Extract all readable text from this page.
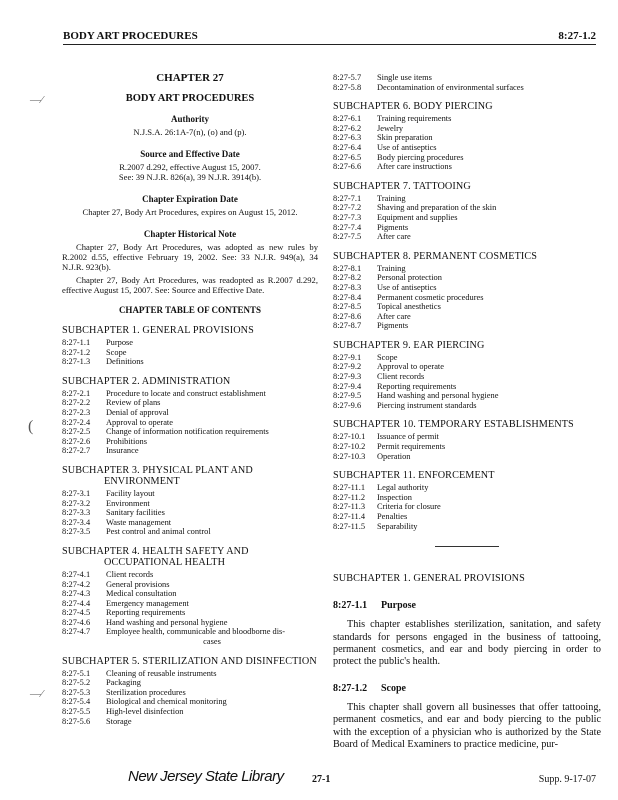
BODY ART PROCEDURES	8:27-1.2

CHAPTER 27

BODY ART PROCEDURES

Authority
N.J.S.A. 26:1A-7(n), (o) and (p).
Source and Effective Date
R.2007 d.292, effective August 15, 2007.
See: 39 N.J.R. 826(a), 39 N.J.R. 3914(b).
Chapter Expiration Date
Chapter 27, Body Art Procedures, expires on August 15, 2012.
Chapter Historical Note

Chapter 27, Body Art Procedures, was adopted as new rules by R.2002 d.55, effective February 19, 2002. See: 33 N.J.R. 949(a), 34 N.J.R. 923(b).

Chapter 27, Body Art Procedures, was readopted as R.2007 d.292, effective August 15, 2007. See: Source and Effective Date.

CHAPTER TABLE OF CONTENTS
SUBCHAPTER 1. GENERAL PROVISIONS
8:27-1.1	Purpose
8:27-1.2	Scope
8:27-1.3	Definitions
SUBCHAPTER 2. ADMINISTRATION
8:27-2.1	Procedure to locate and construct establishment
8:27-2.2	Review of plans
8:27-2.3	Denial of approval
8:27-2.4	Approval to operate
8:27-2.5	Change of information notification requirements
8:27-2.6	Prohibitions
8:27-2.7	Insurance
SUBCHAPTER 3. PHYSICAL PLANT AND
ENVIRONMENT
8:27-3.1	Facility layout
8:27-3.2	Environment
8:27-3.3	Sanitary facilities
8:27-3.4	Waste management
8:27-3.5	Pest control and animal control
SUBCHAPTER 4. HEALTH SAFETY AND
OCCUPATIONAL HEALTH
8:27-4.1	Client records
8:27-4.2	General provisions
8:27-4.3	Medical consultation
8:27-4.4	Emergency management
8:27-4.5	Reporting requirements
8:27-4.6	Hand washing and personal hygiene
8:27-4.7	Employee health, communicable and bloodborne dis-
cases
SUBCHAPTER 5. STERILIZATION AND DISINFECTION
8:27-5.1	Cleaning of reusable instruments
8:27-5.2	Packaging
8:27-5.3	Sterilization procedures
8:27-5.4	Biological and chemical monitoring
8:27-5.5	High-level disinfection
8:27-5.6	Storage
8:27-5.7	Single use items
8:27-5.8	Decontamination of environmental surfaces
SUBCHAPTER 6. BODY PIERCING
8:27-6.1	Training requirements
8:27-6.2	Jewelry
8:27-6.3	Skin preparation
8:27-6.4	Use of antiseptics
8:27-6.5	Body piercing procedures
8:27-6.6	After care instructions
SUBCHAPTER 7. TATTOOING
8:27-7.1	Training
8:27-7.2	Shaving and preparation of the skin
8:27-7.3	Equipment and supplies
8:27-7.4	Pigments
8:27-7.5	After care
SUBCHAPTER 8. PERMANENT COSMETICS
8:27-8.1	Training
8:27-8.2	Personal protection
8:27-8.3	Use of antiseptics
8:27-8.4	Permanent cosmetic procedures
8:27-8.5	Topical anesthetics
8:27-8.6	After care
8:27-8.7	Pigments
SUBCHAPTER 9. EAR PIERCING
8:27-9.1	Scope
8:27-9.2	Approval to operate
8:27-9.3	Client records
8:27-9.4	Reporting requirements
8:27-9.5	Hand washing and personal hygiene
8:27-9.6	Piercing instrument standards
SUBCHAPTER 10. TEMPORARY ESTABLISHMENTS
8:27-10.1	Issuance of permit
8:27-10.2	Permit requirements
8:27-10.3	Operation
SUBCHAPTER 11. ENFORCEMENT
8:27-11.1	Legal authority
8:27-11.2	Inspection
8:27-11.3	Criteria for closure
8:27-11.4	Penalties
8:27-11.5	Separability
SUBCHAPTER 1. GENERAL PROVISIONS
8:27-1.1 Purpose

This chapter establishes sterilization, sanitation, and safety standards for persons engaged in the business of tattooing, permanent cosmetics, and ear and body piercing in order to protect the public's health.

8:27-1.2 Scope

This chapter shall govern all businesses that offer tattooing, permanent cosmetics, and ear and body piercing to the public with the exception of a physician who is authorized by the State Board of Medical Examiners to practice medicine, pur-

—⁄
(
—⁄
New Jersey State Library	27-1	Supp. 9-17-07
